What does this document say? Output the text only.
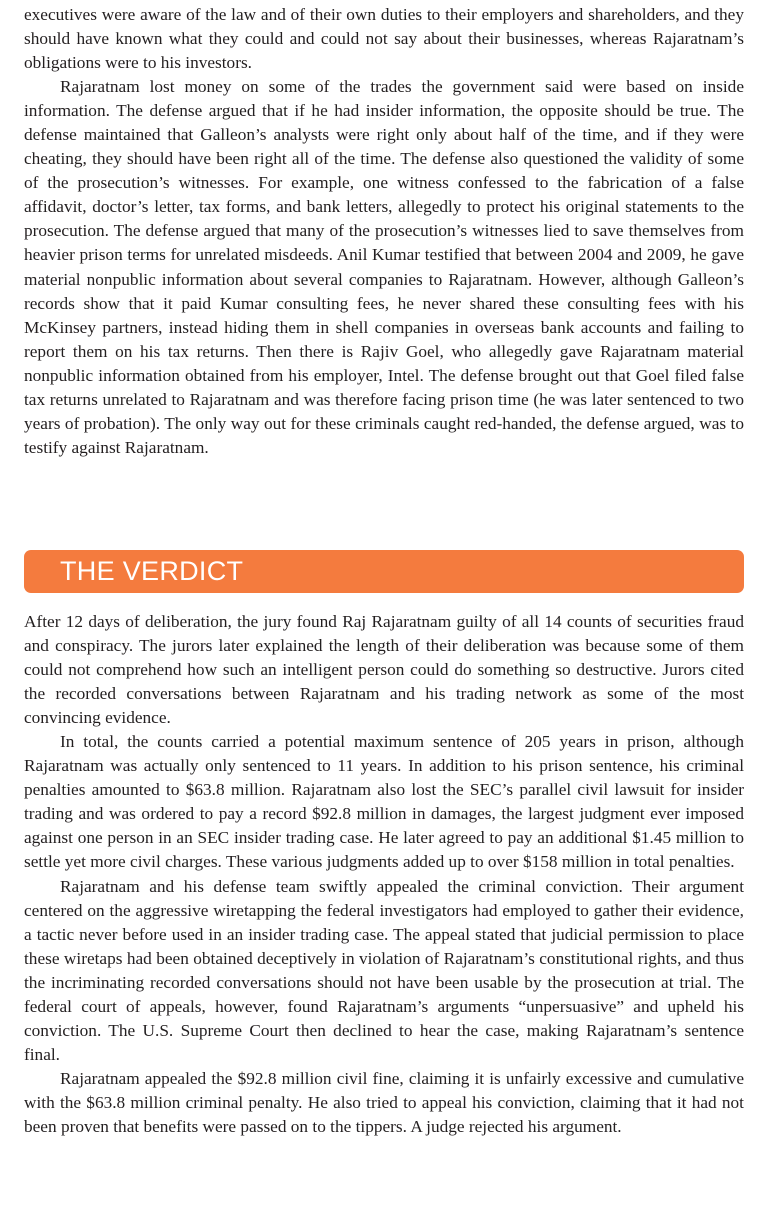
executives were aware of the law and of their own duties to their employers and shareholders, and they should have known what they could and could not say about their businesses, whereas Rajaratnam’s obligations were to his investors.

Rajaratnam lost money on some of the trades the government said were based on inside information. The defense argued that if he had insider information, the opposite should be true. The defense maintained that Galleon’s analysts were right only about half of the time, and if they were cheating, they should have been right all of the time. The defense also questioned the validity of some of the prosecution’s witnesses. For example, one witness confessed to the fabrication of a false affidavit, doctor’s letter, tax forms, and bank letters, allegedly to protect his original statements to the prosecution. The defense argued that many of the prosecution’s witnesses lied to save themselves from heavier prison terms for unrelated misdeeds. Anil Kumar testified that between 2004 and 2009, he gave material nonpublic information about several companies to Rajaratnam. However, although Galleon’s records show that it paid Kumar consulting fees, he never shared these consulting fees with his McKinsey partners, instead hiding them in shell companies in overseas bank accounts and failing to report them on his tax returns. Then there is Rajiv Goel, who allegedly gave Rajaratnam material nonpublic information obtained from his employer, Intel. The defense brought out that Goel filed false tax returns unrelated to Rajaratnam and was therefore facing prison time (he was later sentenced to two years of probation). The only way out for these criminals caught red-handed, the defense argued, was to testify against Rajaratnam.

THE VERDICT

After 12 days of deliberation, the jury found Raj Rajaratnam guilty of all 14 counts of securities fraud and conspiracy. The jurors later explained the length of their deliberation was because some of them could not comprehend how such an intelligent person could do something so destructive. Jurors cited the recorded conversations between Rajaratnam and his trading network as some of the most convincing evidence.

In total, the counts carried a potential maximum sentence of 205 years in prison, although Rajaratnam was actually only sentenced to 11 years. In addition to his prison sentence, his criminal penalties amounted to $63.8 million. Rajaratnam also lost the SEC’s parallel civil lawsuit for insider trading and was ordered to pay a record $92.8 million in damages, the largest judgment ever imposed against one person in an SEC insider trading case. He later agreed to pay an additional $1.45 million to settle yet more civil charges. These various judgments added up to over $158 million in total penalties.

Rajaratnam and his defense team swiftly appealed the criminal conviction. Their argument centered on the aggressive wiretapping the federal investigators had employed to gather their evidence, a tactic never before used in an insider trading case. The appeal stated that judicial permission to place these wiretaps had been obtained deceptively in violation of Rajaratnam’s constitutional rights, and thus the incriminating recorded conversations should not have been usable by the prosecution at trial. The federal court of appeals, however, found Rajaratnam’s arguments “unpersuasive” and upheld his conviction. The U.S. Supreme Court then declined to hear the case, making Rajaratnam’s sentence final.

Rajaratnam appealed the $92.8 million civil fine, claiming it is unfairly excessive and cumulative with the $63.8 million criminal penalty. He also tried to appeal his conviction, claiming that it had not been proven that benefits were passed on to the tippers. A judge rejected his argument.
